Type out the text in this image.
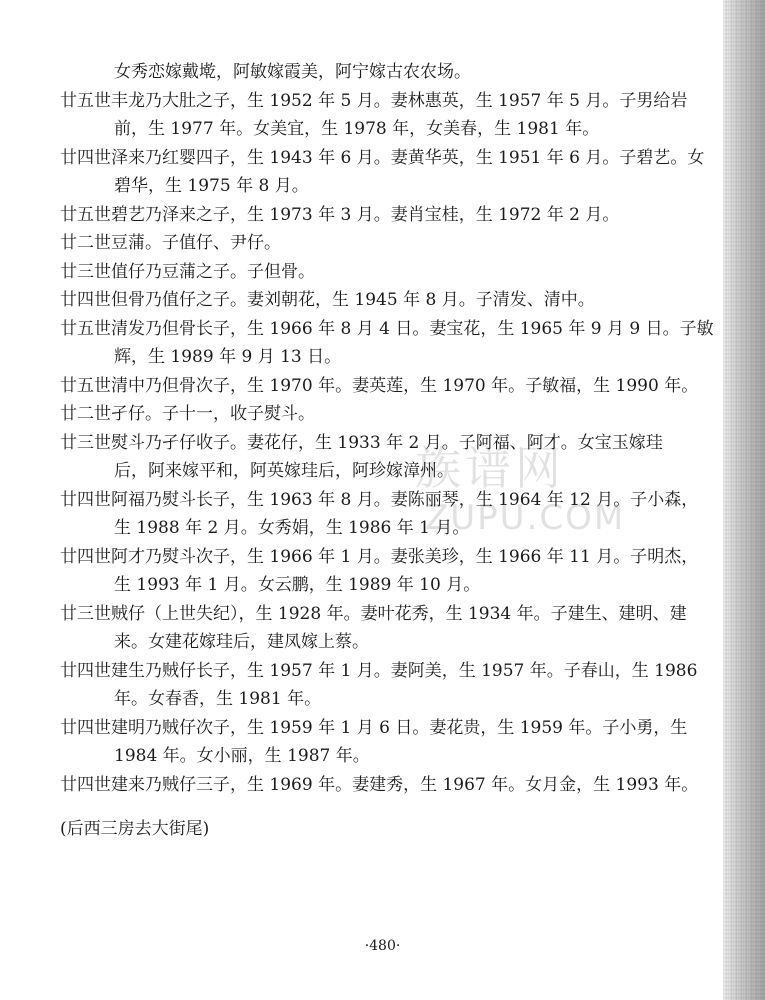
族谱网
ZUPU.COM

女秀恋嫁戴墘，阿敏嫁霞美，阿宁嫁古农农场。
廿五世丰龙乃大肚之子，生 1952 年 5 月。妻林惠英，生 1957 年 5 月。子男给岩
前，生 1977 年。女美宜，生 1978 年，女美春，生 1981 年。
廿四世泽来乃红婴四子，生 1943 年 6 月。妻黄华英，生 1951 年 6 月。子碧艺。女
碧华，生 1975 年 8 月。
廿五世碧艺乃泽来之子，生 1973 年 3 月。妻肖宝桂，生 1972 年 2 月。
廿二世豆蒲。子值仔、尹仔。
廿三世值仔乃豆蒲之子。子但骨。
廿四世但骨乃值仔之子。妻刘朝花，生 1945 年 8 月。子清发、清中。
廿五世清发乃但骨长子，生 1966 年 8 月 4 日。妻宝花，生 1965 年 9 月 9 日。子敏
辉，生 1989 年 9 月 13 日。
廿五世清中乃但骨次子，生 1970 年。妻英莲，生 1970 年。子敏福，生 1990 年。
廿二世孑仔。子十一，收子熨斗。
廿三世熨斗乃孑仔收子。妻花仔，生 1933 年 2 月。子阿福、阿才。女宝玉嫁珪
后，阿来嫁平和，阿英嫁珪后，阿珍嫁漳州。
廿四世阿福乃熨斗长子，生 1963 年 8 月。妻陈丽琴，生 1964 年 12 月。子小森，
生 1988 年 2 月。女秀娟，生 1986 年 1 月。
廿四世阿才乃熨斗次子，生 1966 年 1 月。妻张美珍，生 1966 年 11 月。子明杰，
生 1993 年 1 月。女云鹏，生 1989 年 10 月。
廿三世贼仔（上世失纪），生 1928 年。妻叶花秀，生 1934 年。子建生、建明、建
来。女建花嫁珪后，建凤嫁上蔡。
廿四世建生乃贼仔长子，生 1957 年 1 月。妻阿美，生 1957 年。子春山，生 1986
年。女春香，生 1981 年。
廿四世建明乃贼仔次子，生 1959 年 1 月 6 日。妻花贵，生 1959 年。子小勇，生
1984 年。女小丽，生 1987 年。
廿四世建来乃贼仔三子，生 1969 年。妻建秀，生 1967 年。女月金，生 1993 年。

(后西三房去大街尾)
·480·
